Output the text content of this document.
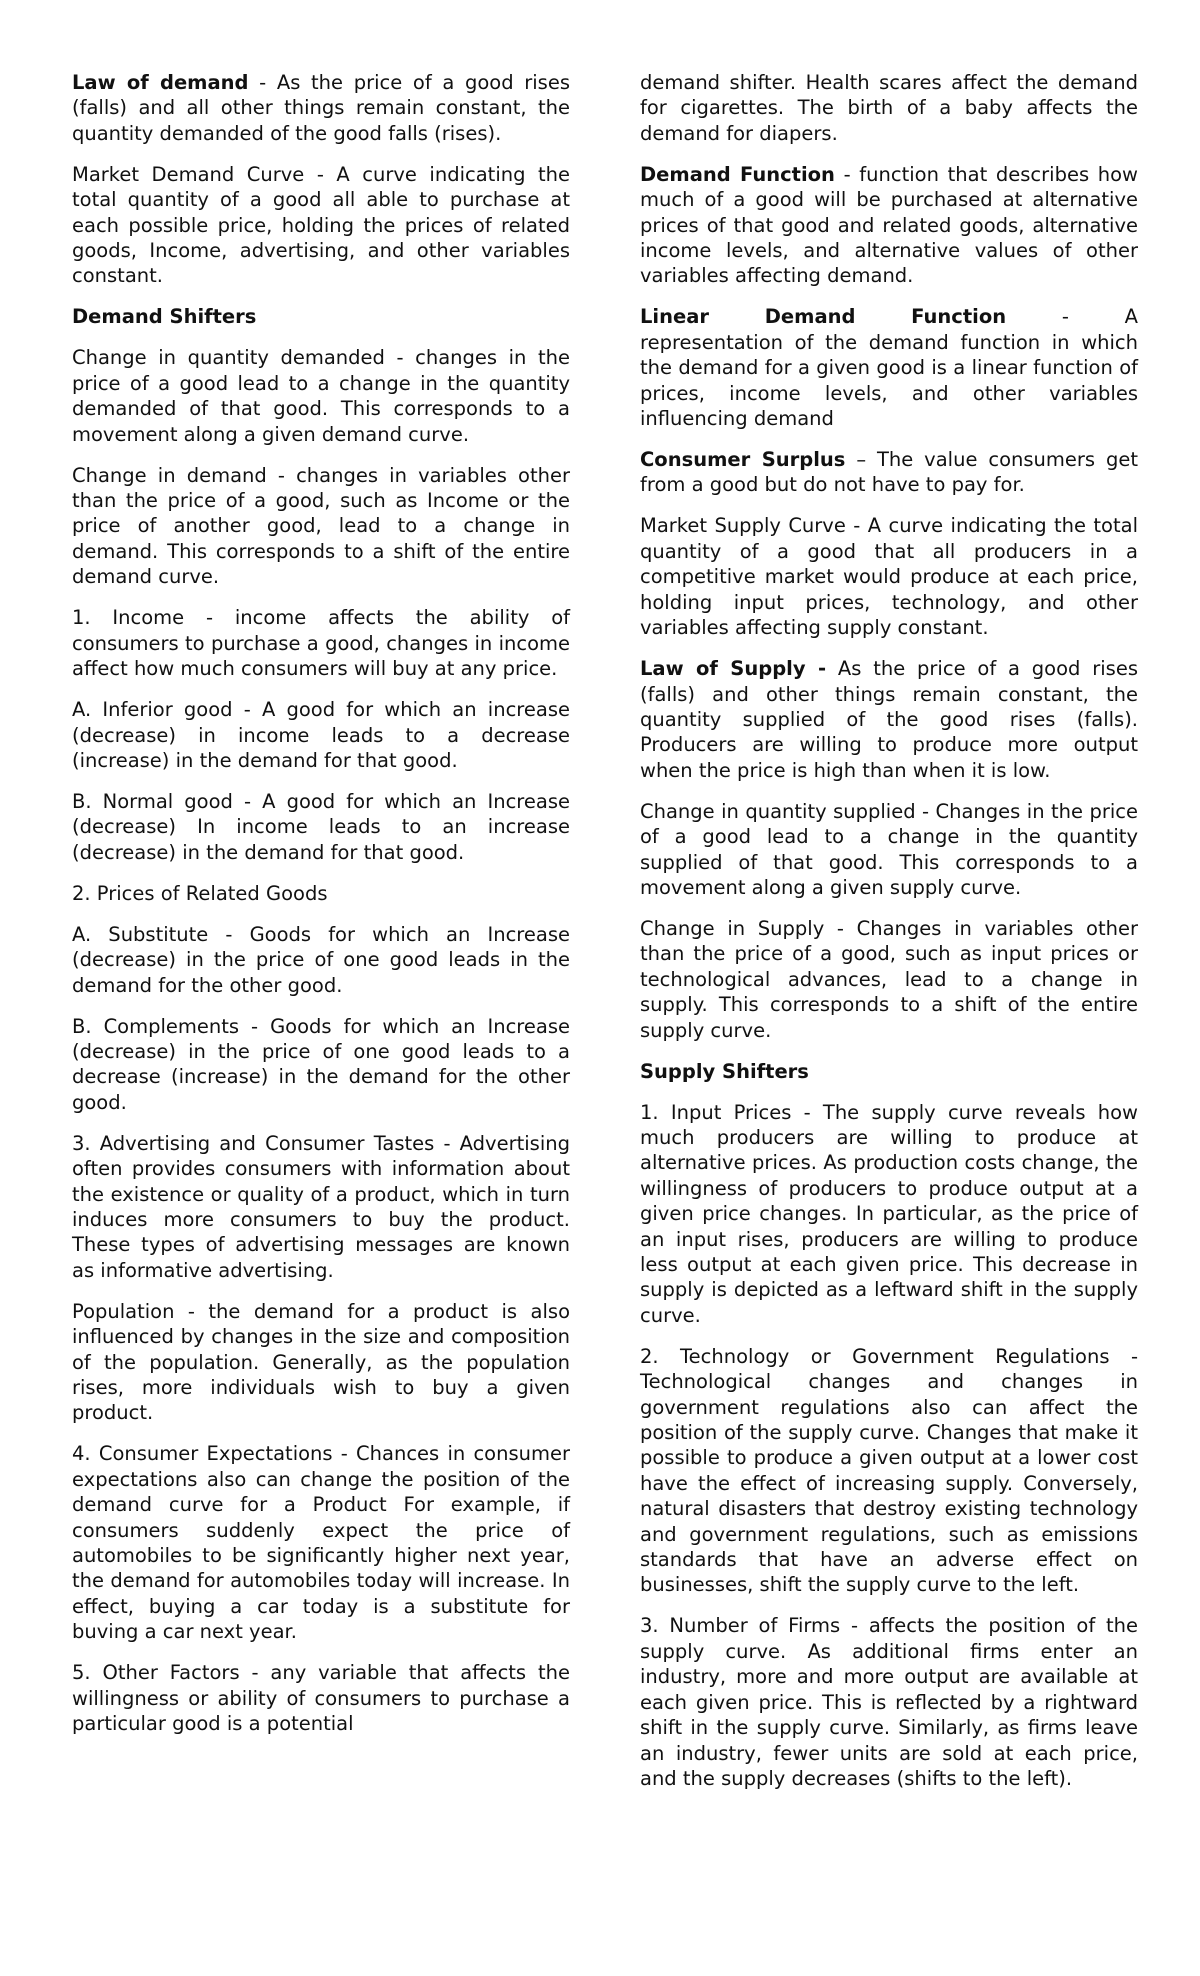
Law of demand - As the price of a good rises (falls) and all other things remain constant, the quantity demanded of the good falls (rises).

Market Demand Curve - A curve indicating the total quantity of a good all able to purchase at each possible price, holding the prices of related goods, Income, advertising, and other variables constant.

Demand Shifters

Change in quantity demanded - changes in the price of a good lead to a change in the quantity demanded of that good. This corresponds to a movement along a given demand curve.

Change in demand - changes in variables other than the price of a good, such as Income or the price of another good, lead to a change in demand. This corresponds to a shift of the entire demand curve.

1. Income - income affects the ability of consumers to purchase a good, changes in income affect how much consumers will buy at any price.

A. Inferior good - A good for which an increase (decrease) in income leads to a decrease (increase) in the demand for that good.

B. Normal good - A good for which an Increase (decrease) In income leads to an increase (decrease) in the demand for that good.

2. Prices of Related Goods

A. Substitute - Goods for which an Increase (decrease) in the price of one good leads in the demand for the other good.

B. Complements - Goods for which an Increase (decrease) in the price of one good leads to a decrease (increase) in the demand for the other good.

3. Advertising and Consumer Tastes - Advertising often provides consumers with information about the existence or quality of a product, which in turn induces more consumers to buy the product. These types of advertising messages are known as informative advertising.

Population - the demand for a product is also influenced by changes in the size and composition of the population. Generally, as the population rises, more individuals wish to buy a given product.

4. Consumer Expectations - Chances in consumer expectations also can change the position of the demand curve for a Product For example, if consumers suddenly expect the price of automobiles to be significantly higher next year, the demand for automobiles today will increase. In effect, buying a car today is a substitute for buving a car next year.

5. Other Factors - any variable that affects the willingness or ability of consumers to purchase a particular good is a potential

demand shifter. Health scares affect the demand for cigarettes. The birth of a baby affects the demand for diapers.

Demand Function - function that describes how much of a good will be purchased at alternative prices of that good and related goods, alternative income levels, and alternative values of other variables affecting demand.

Linear	Demand	Function	-	A
representation of the demand function in which the demand for a given good is a linear function of prices, income levels, and other variables influencing demand

Consumer Surplus – The value consumers get from a good but do not have to pay for.

Market Supply Curve - A curve indicating the total quantity of a good that all producers in a competitive market would produce at each price, holding input prices, technology, and other variables affecting supply constant.

Law of Supply - As the price of a good rises (falls) and other things remain constant, the quantity supplied of the good rises (falls). Producers are willing to produce more output when the price is high than when it is low.

Change in quantity supplied - Changes in the price of a good lead to a change in the quantity supplied of that good. This corresponds to a movement along a given supply curve.

Change in Supply - Changes in variables other than the price of a good, such as input prices or technological advances, lead to a change in supply. This corresponds to a shift of the entire supply curve.

Supply Shifters

1. Input Prices - The supply curve reveals how much producers are willing to produce at alternative prices. As production costs change, the willingness of producers to produce output at a given price changes. In particular, as the price of an input rises, producers are willing to produce less output at each given price. This decrease in supply is depicted as a leftward shift in the supply curve.

2. Technology or Government Regulations - Technological changes and changes in government regulations also can affect the position of the supply curve. Changes that make it possible to produce a given output at a lower cost have the effect of increasing supply. Conversely, natural disasters that destroy existing technology and government regulations, such as emissions standards that have an adverse effect on businesses, shift the supply curve to the left.

3. Number of Firms - affects the position of the supply curve. As additional firms enter an industry, more and more output are available at each given price. This is reflected by a rightward shift in the supply curve. Similarly, as firms leave an industry, fewer units are sold at each price, and the supply decreases (shifts to the left).
